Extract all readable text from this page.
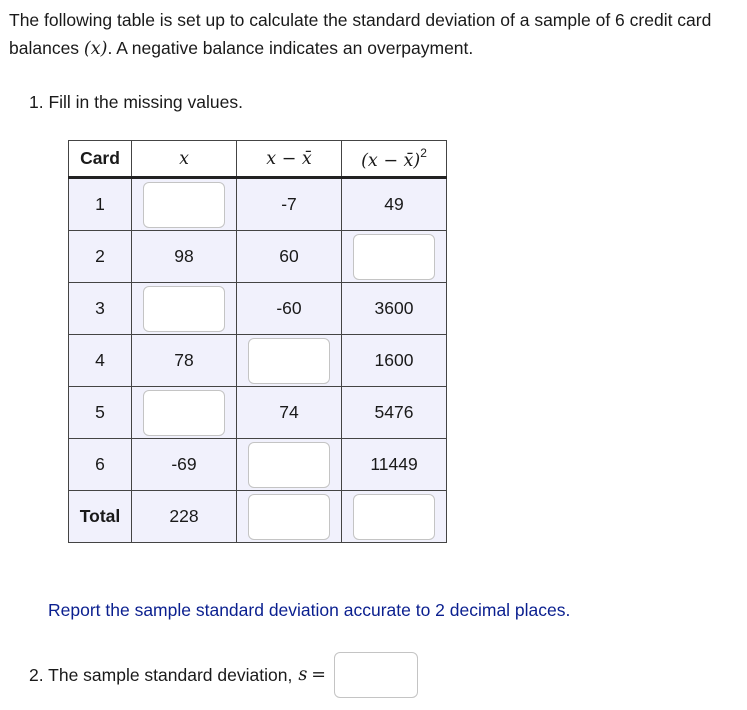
The following table is set up to calculate the standard deviation of a sample of 6 credit card balances (x). A negative balance indicates an overpayment.
1. Fill in the missing values.
Card	x	x − x̄	(x − x̄)$^2$
1		-7	49
2	98	60	

3		-60	3600
4	78		1600
5		74	5476
6	-69		11449
Total	228	

Report the sample standard deviation accurate to 2 decimal places.
2. The sample standard deviation, s =
